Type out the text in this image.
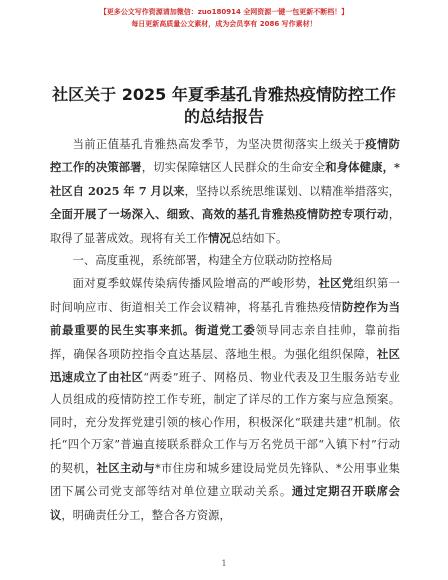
【更多公文写作资源请加微信：zuo180914 全网资源一键一包更新不断档！】
每日更新高质量公文素材，成为会员享有 2086 写作素材！
社区关于 2025 年夏季基孔肯雅热疫情防控工作
的总结报告

当前正值基孔肯雅热高发季节，为坚决贯彻落实上级关于疫情防控工作的决策部署，切实保障辖区人民群众的生命安全和身体健康，*社区自 2025 年 7 月以来，坚持以系统思维谋划、以精准举措落实，全面开展了一场深入、细致、高效的基孔肯雅热疫情防控专项行动，取得了显著成效。现将有关工作情况总结如下。

一、高度重视，系统部署，构建全方位联动防控格局

面对夏季蚊媒传染病传播风险增高的严峻形势，社区党组织第一时间响应市、街道相关工作会议精神，将基孔肯雅热疫情防控作为当前最重要的民生实事来抓。街道党工委领导同志亲自挂帅，靠前指挥，确保各项防控指令直达基层、落地生根。为强化组织保障，社区迅速成立了由社区“两委”班子、网格员、物业代表及卫生服务站专业人员组成的疫情防控工作专班，制定了详尽的工作方案与应急预案。同时，充分发挥党建引领的核心作用，积极深化“联建共建”机制。依托“四个万家”普遍直接联系群众工作与万名党员干部“入镇下村”行动的契机，社区主动与*市住房和城乡建设局党员先锋队、*公用事业集团下属公司党支部等结对单位建立联动关系。通过定期召开联席会议，明确责任分工，整合各方资源，

1
